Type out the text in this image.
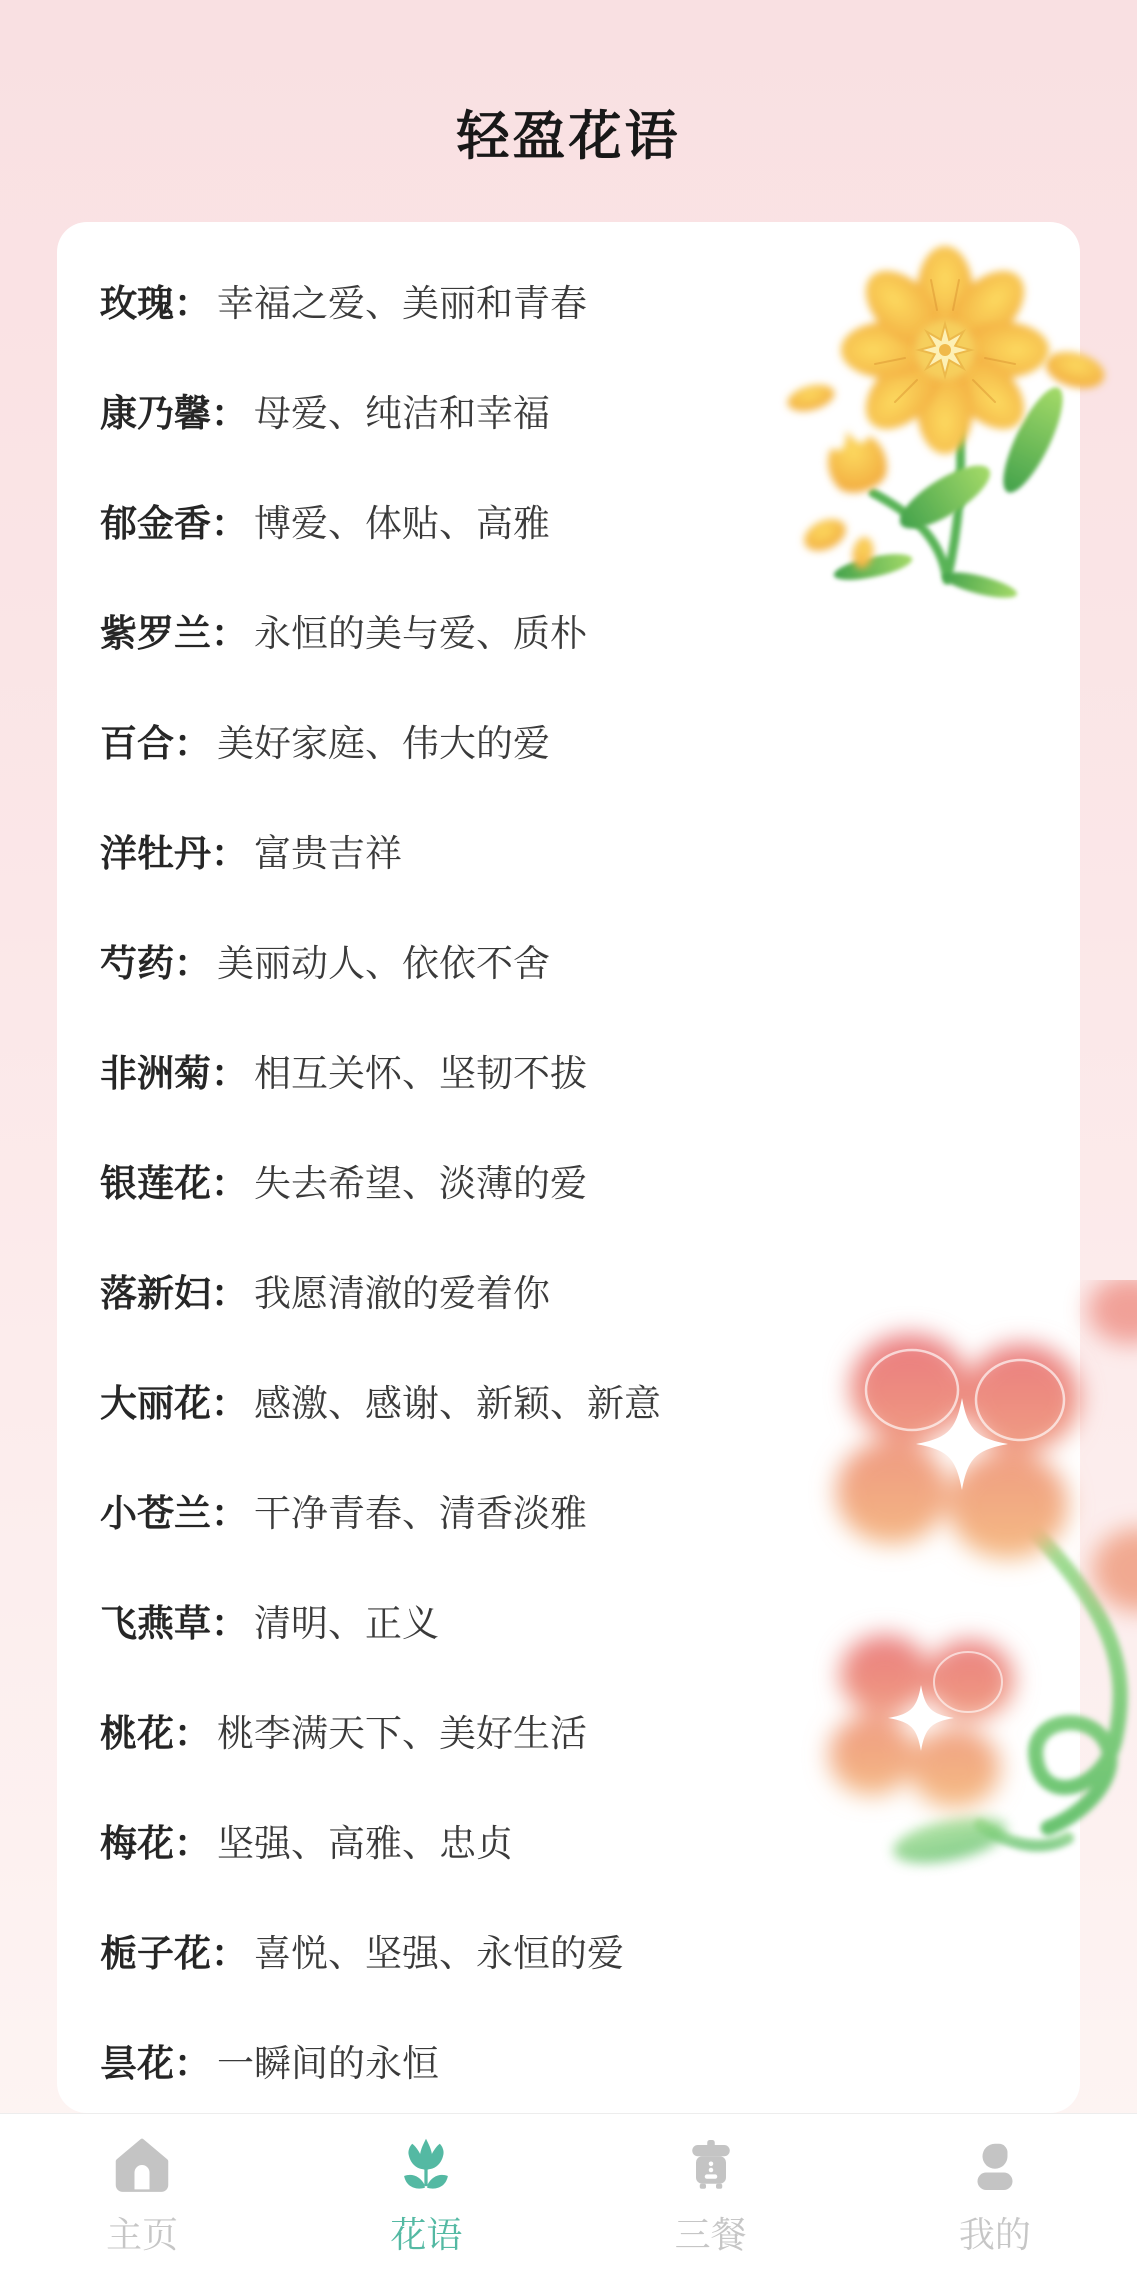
轻盈花语
玫瑰： 幸福之爱、美丽和青春
康乃馨： 母爱、纯洁和幸福
郁金香： 博爱、体贴、高雅
紫罗兰： 永恒的美与爱、质朴
百合： 美好家庭、伟大的爱
洋牡丹： 富贵吉祥
芍药： 美丽动人、依依不舍
非洲菊： 相互关怀、坚韧不拔
银莲花： 失去希望、淡薄的爱
落新妇： 我愿清澈的爱着你
大丽花： 感激、感谢、新颖、新意
小苍兰： 干净青春、清香淡雅
飞燕草： 清明、正义
桃花： 桃李满天下、美好生活
梅花： 坚强、高雅、忠贞
栀子花： 喜悦、坚强、永恒的爱
昙花： 一瞬间的永恒
主页	花语	三餐	我的
